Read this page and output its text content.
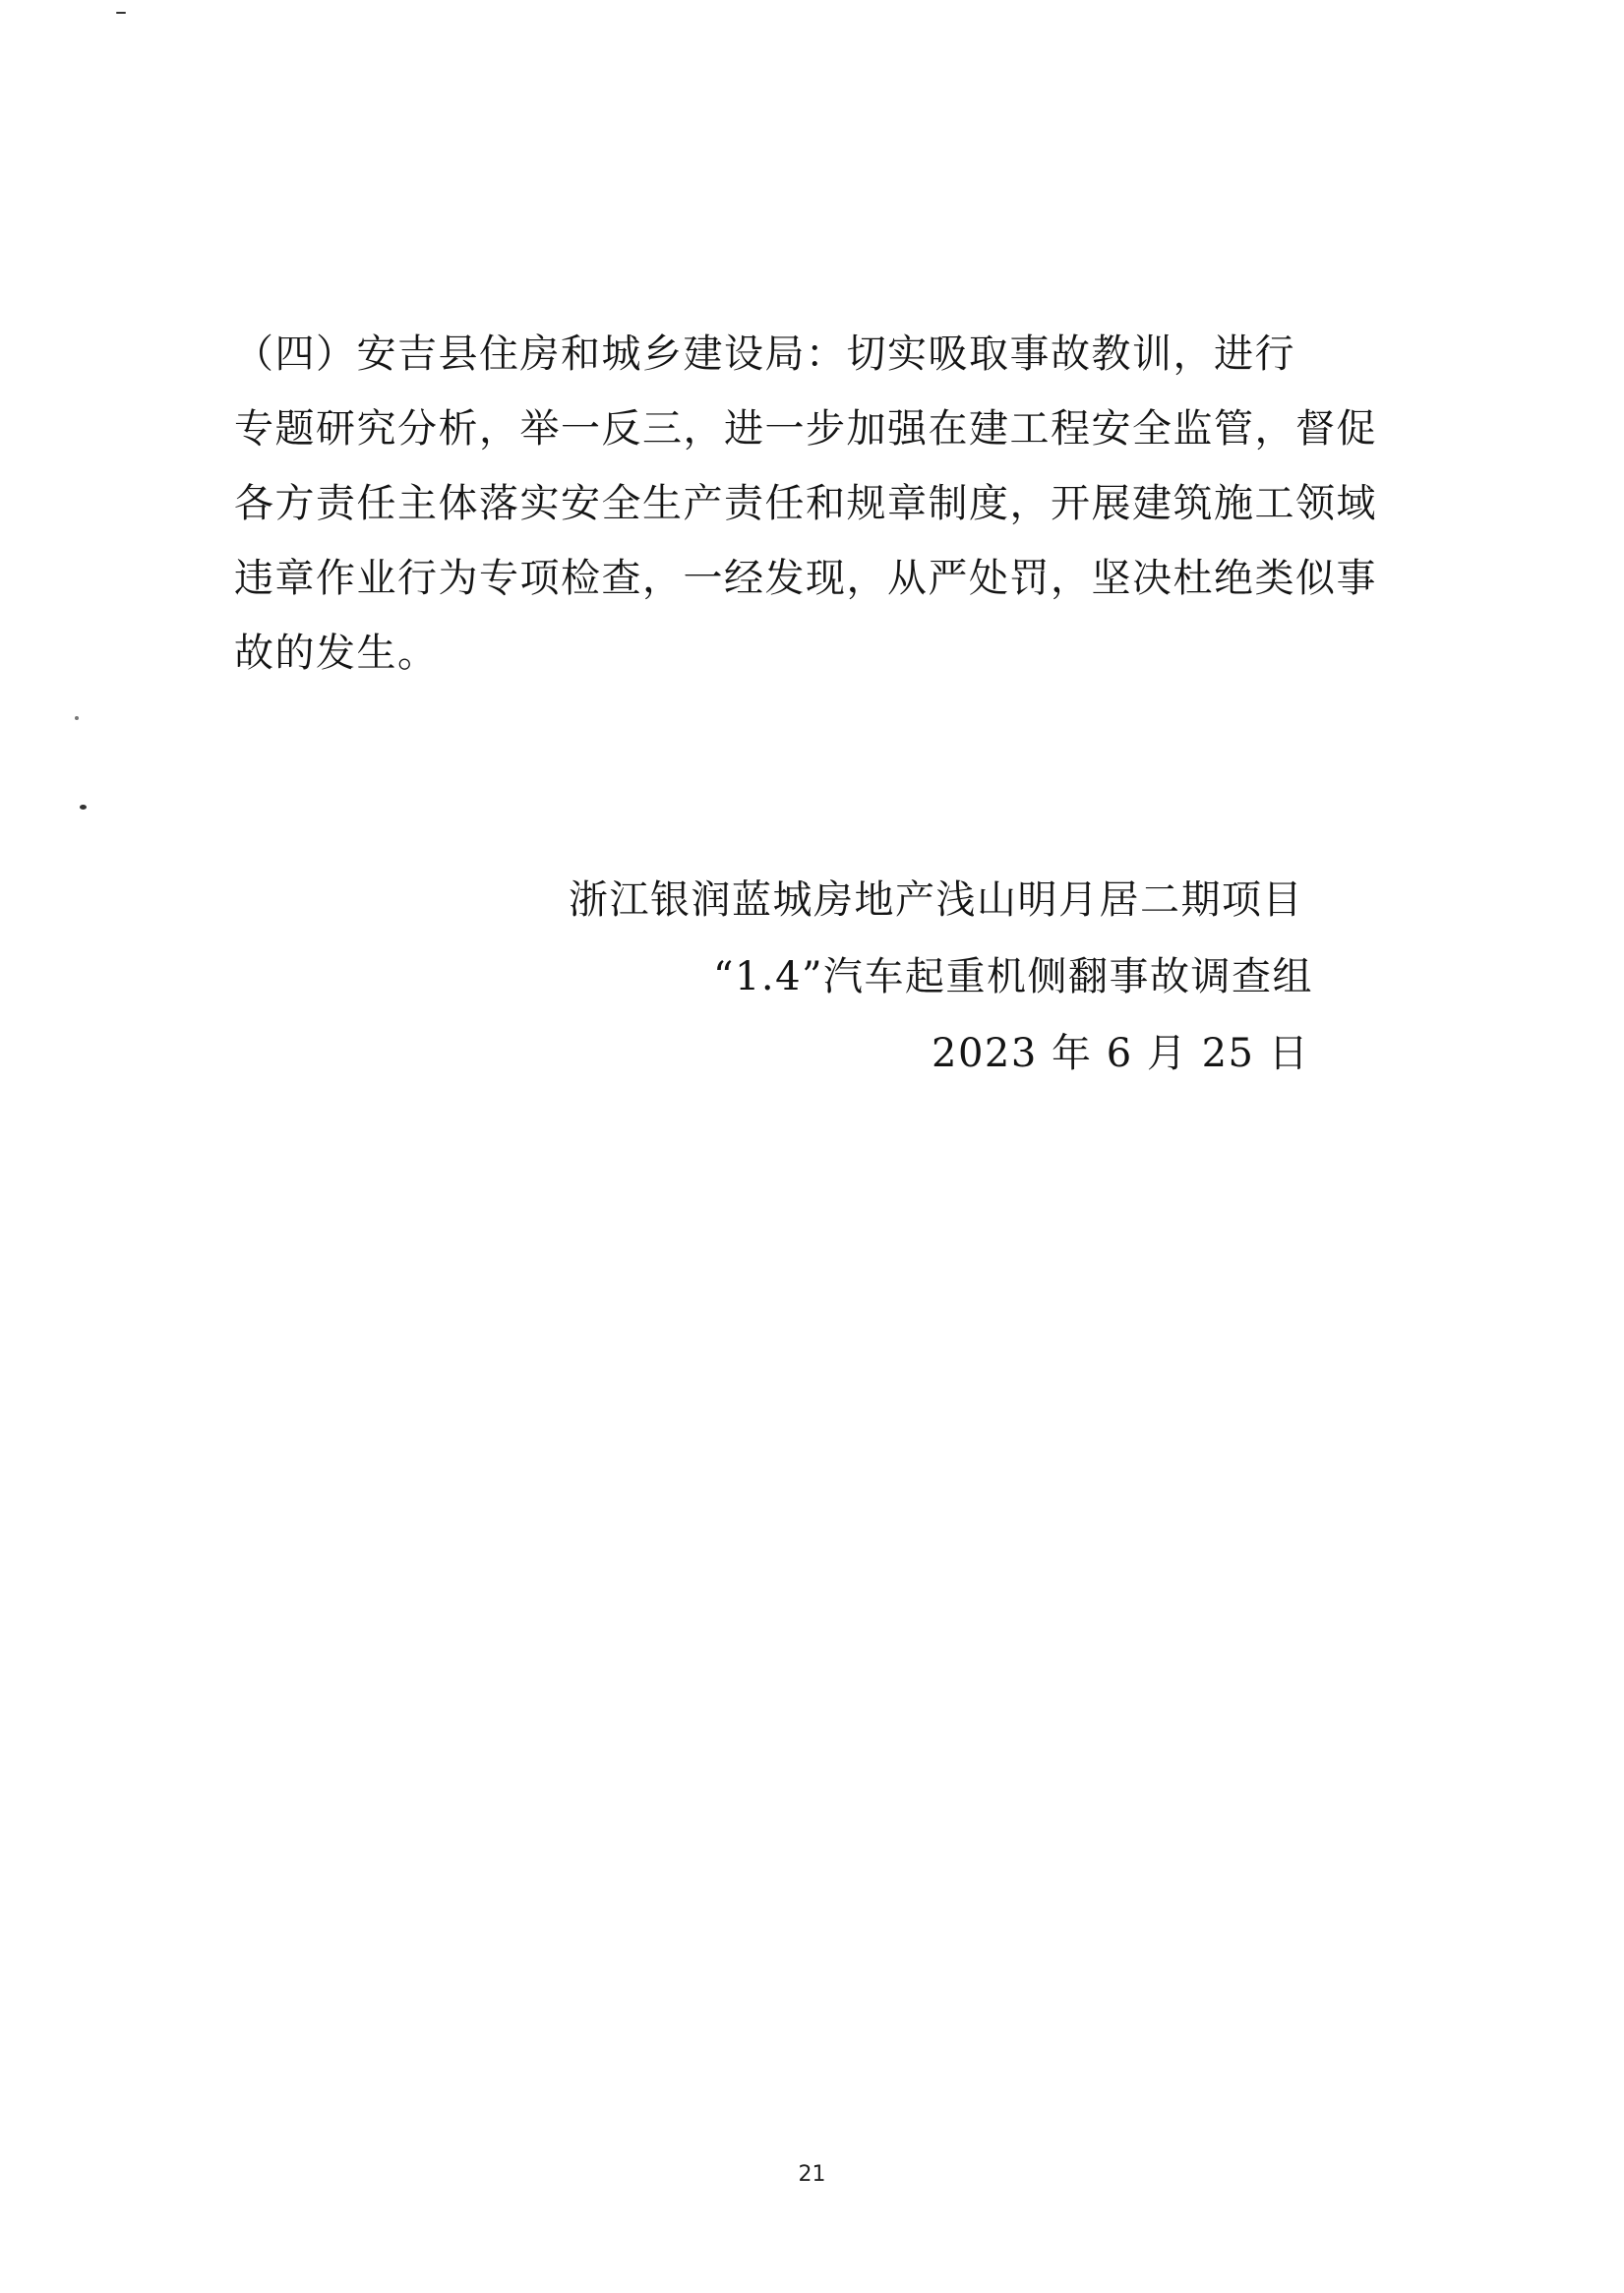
（四）安吉县住房和城乡建设局：切实吸取事故教训，进行
专题研究分析，举一反三，进一步加强在建工程安全监管，督促
各方责任主体落实安全生产责任和规章制度，开展建筑施工领域
违章作业行为专项检查，一经发现，从严处罚，坚决杜绝类似事
故的发生。

浙江银润蓝城房地产浅山明月居二期项目

“1.4”汽车起重机侧翻事故调查组

2023 年 6 月 25 日

21
